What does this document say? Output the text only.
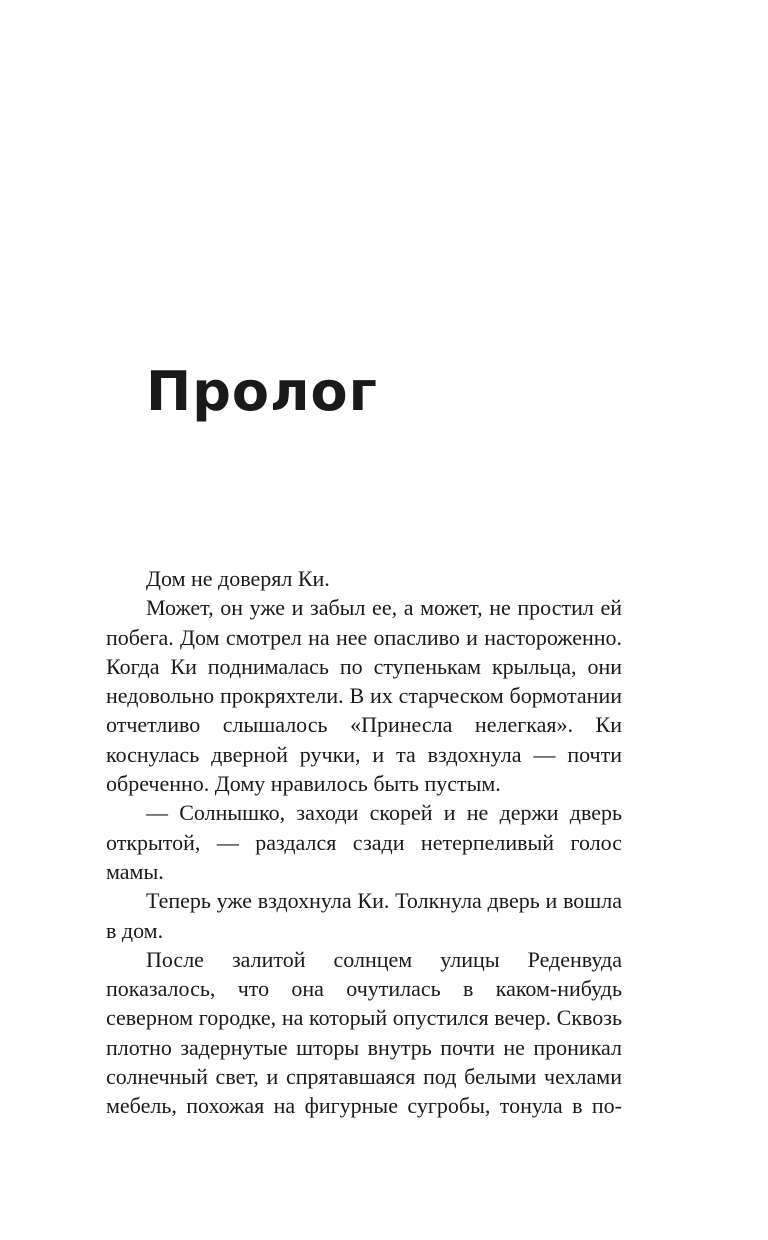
Пролог

Дом не доверял Ки.

Может, он уже и забыл ее, а может, не простил ей побега. Дом смотрел на нее опасливо и настороженно. Когда Ки поднималась по ступенькам крыльца, они недовольно прокряхтели. В их старческом бормотании отчетливо слышалось «Принесла нелегкая». Ки коснулась дверной ручки, и та вздохнула — почти обреченно. Дому нравилось быть пустым.

— Солнышко, заходи скорей и не держи дверь открытой, — раздался сзади нетерпеливый голос мамы.

Теперь уже вздохнула Ки. Толкнула дверь и вошла в дом.

После залитой солнцем улицы Реденвуда показалось, что она очутилась в каком-нибудь северном городке, на который опустился вечер. Сквозь плотно задернутые шторы внутрь почти не проникал солнечный свет, и спрятавшаяся под белыми чехлами мебель, похожая на фигурные сугробы, тонула в по-
